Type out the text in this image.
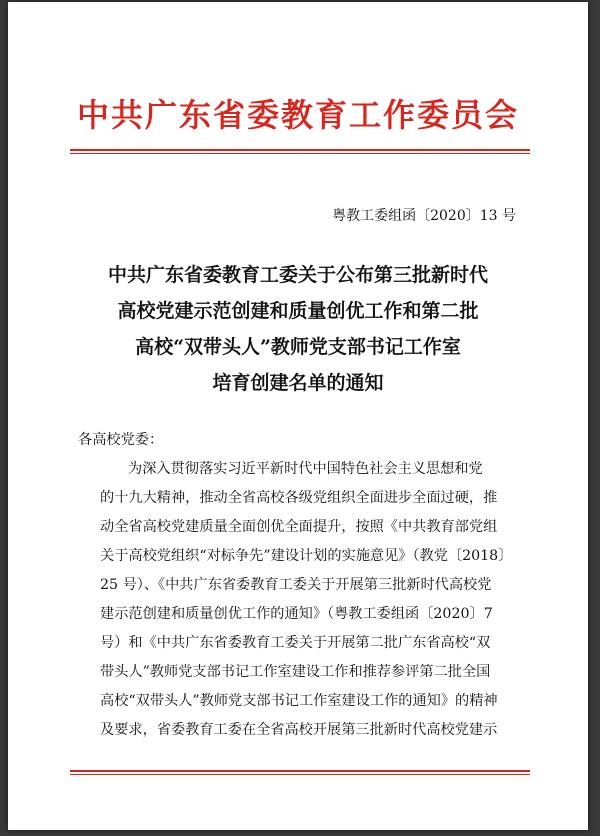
中共广东省委教育工作委员会
粤教工委组函〔2020〕13 号
中共广东省委教育工委关于公布第三批新时代
高校党建示范创建和质量创优工作和第二批
高校“双带头人”教师党支部书记工作室
培育创建名单的通知

各高校党委：

为深入贯彻落实习近平新时代中国特色社会主义思想和党

的十九大精神，推动全省高校各级党组织全面进步全面过硬，推

动全省高校党建质量全面创优全面提升，按照《中共教育部党组

关于高校党组织“对标争先”建设计划的实施意见》（教党〔2018〕

25 号）、《中共广东省委教育工委关于开展第三批新时代高校党

建示范创建和质量创优工作的通知》（粤教工委组函〔2020〕7

号）和《中共广东省委教育工委关于开展第二批广东省高校“双

带头人”教师党支部书记工作室建设工作和推荐参评第二批全国

高校“双带头人”教师党支部书记工作室建设工作的通知》的精神

及要求，省委教育工委在全省高校开展第三批新时代高校党建示
